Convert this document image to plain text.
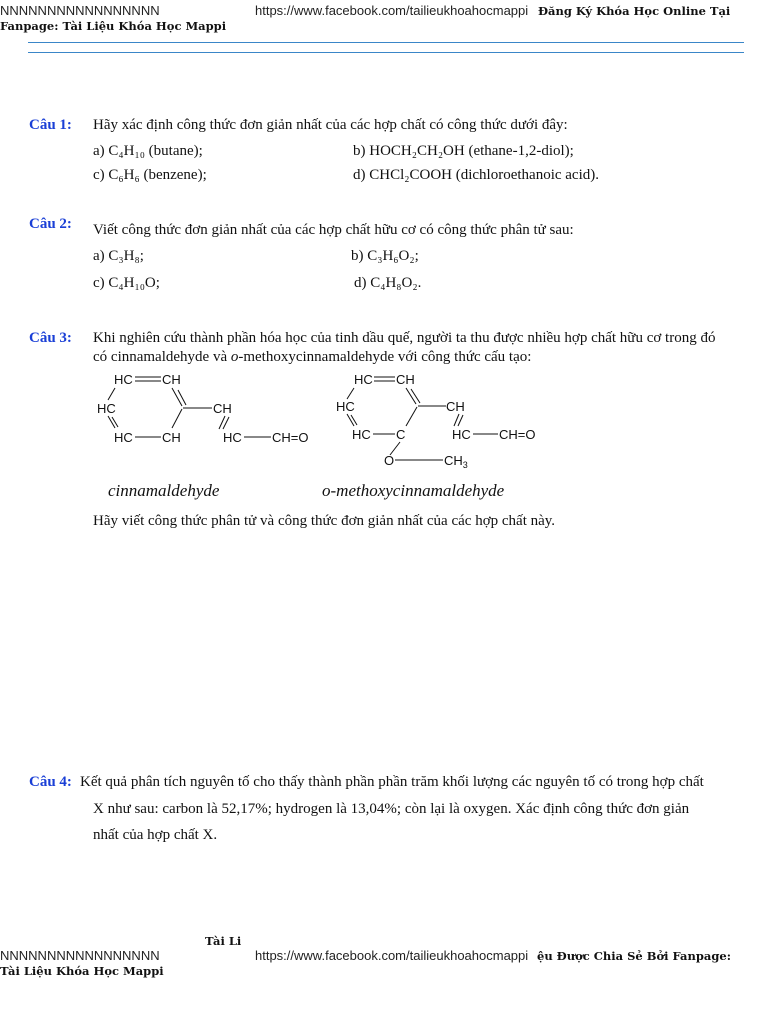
NNNNNNNNNNNNNNNNN	https://www.facebook.com/tailieukhoahocmappi Đăng Ký Khóa Học Online Tại
Fanpage: Tài Liệu Khóa Học Mappi
Câu 1: Hãy xác định công thức đơn giản nhất của các hợp chất có công thức dưới đây:
a) C₄H₁₀ (butane);	b) HOCH₂CH₂OH (ethane-1,2-diol);
c) C₆H₆ (benzene);	d) CHCl₂COOH (dichloroethanoic acid).
Câu 2: Viết công thức đơn giản nhất của các hợp chất hữu cơ có công thức phân tử sau:
a) C₃H₈;	b) C₃H₆O₂;
c) C₄H₁₀O;	d) C₄H₈O₂.
Câu 3: Khi nghiên cứu thành phần hóa học của tinh dầu quế, người ta thu được nhiều hợp chất hữu cơ trong đó
có cinnamaldehyde và o-methoxycinnamaldehyde với công thức cấu tạo:
HC CH
HC	CH
HC CH	HC CH=O
HC CH
HC	CH
HC C	HC CH=O
O	$CH_3$
cinnamaldehyde	o-methoxycinnamaldehyde
Hãy viết công thức phân tử và công thức đơn giản nhất của các hợp chất này.
Câu 4: Kết quả phân tích nguyên tố cho thấy thành phần phần trăm khối lượng các nguyên tố có trong hợp chất
X như sau: carbon là 52,17%; hydrogen là 13,04%; còn lại là oxygen. Xác định công thức đơn giản
nhất của hợp chất X.
Tài Li
NNNNNNNNNNNNNNNNN	https://www.facebook.com/tailieukhoahocmappi ệu Được Chia Sẻ Bởi Fanpage:
Tài Liệu Khóa Học Mappi
